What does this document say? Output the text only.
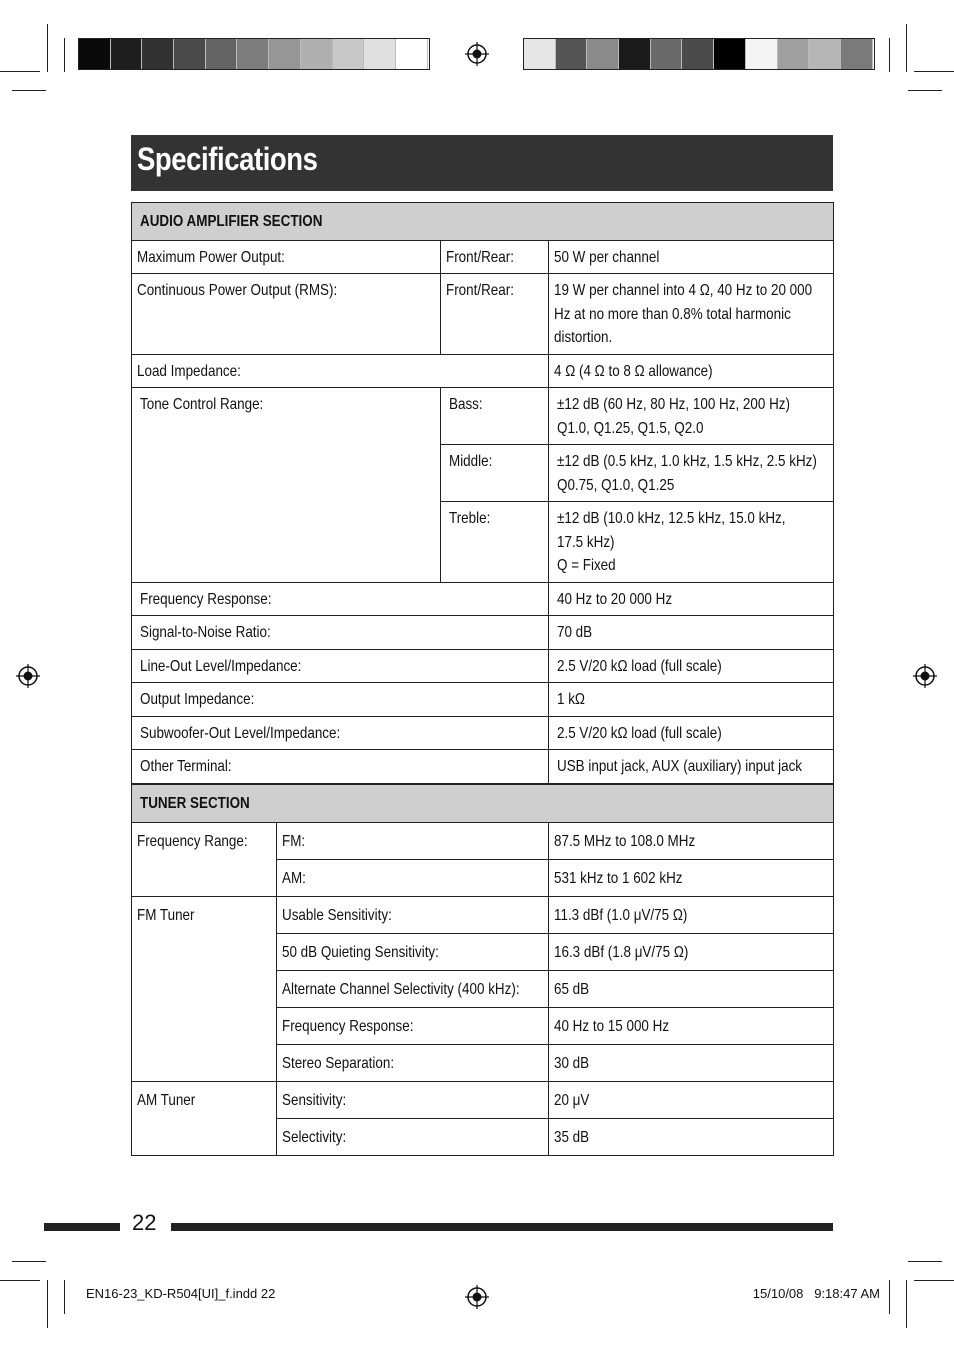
Specifications
AUDIO AMPLIFIER SECTION		
Maximum Power Output:	Front/Rear:	50 W per channel
Continuous Power Output (RMS):	Front/Rear:	19 W per channel into 4 Ω, 40 Hz to 20 000 Hz at no more than 0.8% total harmonic distortion.
Load Impedance:		4 Ω (4 Ω to 8 Ω allowance)
Tone Control Range:	Bass:	±12 dB (60 Hz, 80 Hz, 100 Hz, 200 Hz)
Q1.0, Q1.25, Q1.5, Q2.0
	Middle:	±12 dB (0.5 kHz, 1.0 kHz, 1.5 kHz, 2.5 kHz)
Q0.75, Q1.0, Q1.25
	Treble:	±12 dB (10.0 kHz, 12.5 kHz, 15.0 kHz,
17.5 kHz)
Q = Fixed
Frequency Response:		40 Hz to 20 000 Hz
Signal-to-Noise Ratio:		70 dB
Line-Out Level/Impedance:		2.5 V/20 kΩ load (full scale)
Output Impedance:		1 kΩ
Subwoofer-Out Level/Impedance:		2.5 V/20 kΩ load (full scale)
Other Terminal:		USB input jack, AUX (auxiliary) input jack
TUNER SECTION		
Frequency Range:	FM:	87.5 MHz to 108.0 MHz
	AM:	531 kHz to 1 602 kHz
FM Tuner	Usable Sensitivity:	11.3 dBf (1.0 μV/75 Ω)
	50 dB Quieting Sensitivity:	16.3 dBf (1.8 μV/75 Ω)
	Alternate Channel Selectivity (400 kHz):	65 dB
	Frequency Response:	40 Hz to 15 000 Hz
	Stereo Separation:	30 dB
AM Tuner	Sensitivity:	20 μV
	Selectivity:	35 dB
22
EN16-23_KD-R504[UI]_f.indd 22	15/10/08   9:18:47 AM
